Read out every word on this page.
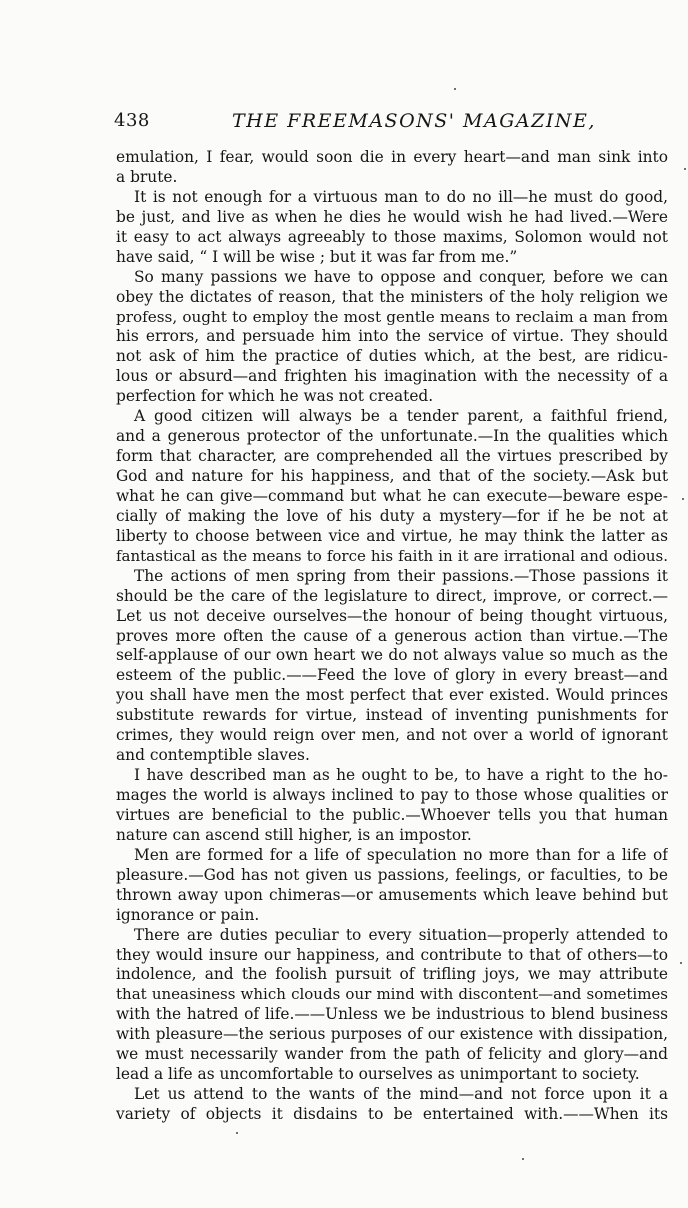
438	THE FREEMASONS' MAGAZINE,
emulation, I fear, would soon die in every heart—and man sink into
a brute.
It is not enough for a virtuous man to do no ill—he must do good,
be just, and live as when he dies he would wish he had lived.—Were
it easy to act always agreeably to those maxims, Solomon would not
have said, “ I will be wise ; but it was far from me.”
So many passions we have to oppose and conquer, before we can
obey the dictates of reason, that the ministers of the holy religion we
profess, ought to employ the most gentle means to reclaim a man from
his errors, and persuade him into the service of virtue. They should
not ask of him the practice of duties which, at the best, are ridicu-
lous or absurd—and frighten his imagination with the necessity of a
perfection for which he was not created.
A good citizen will always be a tender parent, a faithful friend,
and a generous protector of the unfortunate.—In the qualities which
form that character, are comprehended all the virtues prescribed by
God and nature for his happiness, and that of the society.—Ask but
what he can give—command but what he can execute—beware espe-
cially of making the love of his duty a mystery—for if he be not at
liberty to choose between vice and virtue, he may think the latter as
fantastical as the means to force his faith in it are irrational and odious.
The actions of men spring from their passions.—Those passions it
should be the care of the legislature to direct, improve, or correct.—
Let us not deceive ourselves—the honour of being thought virtuous,
proves more often the cause of a generous action than virtue.—The
self-applause of our own heart we do not always value so much as the
esteem of the public.——Feed the love of glory in every breast—and
you shall have men the most perfect that ever existed. Would princes
substitute rewards for virtue, instead of inventing punishments for
crimes, they would reign over men, and not over a world of ignorant
and contemptible slaves.
I have described man as he ought to be, to have a right to the ho-
mages the world is always inclined to pay to those whose qualities or
virtues are beneficial to the public.—Whoever tells you that human
nature can ascend still higher, is an impostor.
Men are formed for a life of speculation no more than for a life of
pleasure.—God has not given us passions, feelings, or faculties, to be
thrown away upon chimeras—or amusements which leave behind but
ignorance or pain.
There are duties peculiar to every situation—properly attended to
they would insure our happiness, and contribute to that of others—to
indolence, and the foolish pursuit of trifling joys, we may attribute
that uneasiness which clouds our mind with discontent—and sometimes
with the hatred of life.——Unless we be industrious to blend business
with pleasure—the serious purposes of our existence with dissipation,
we must necessarily wander from the path of felicity and glory—and
lead a life as uncomfortable to ourselves as unimportant to society.
Let us attend to the wants of the mind—and not force upon it a
variety of objects it disdains to be entertained with.——When its
